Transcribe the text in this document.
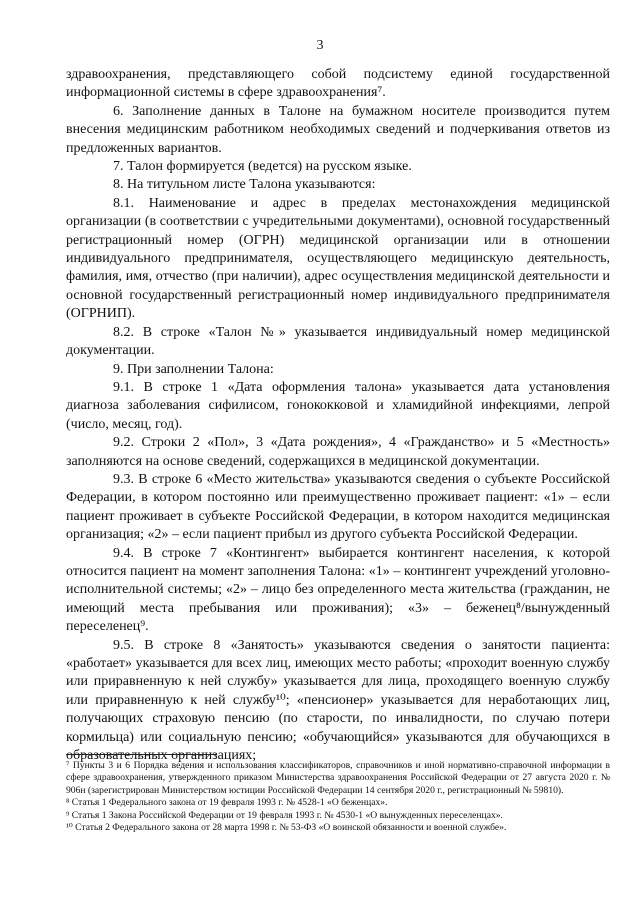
3

здравоохранения, представляющего собой подсистему единой государственной информационной системы в сфере здравоохранения⁷.

6. Заполнение данных в Талоне на бумажном носителе производится путем внесения медицинским работником необходимых сведений и подчеркивания ответов из предложенных вариантов.

7. Талон формируется (ведется) на русском языке.

8. На титульном листе Талона указываются:

8.1. Наименование и адрес в пределах местонахождения медицинской организации (в соответствии с учредительными документами), основной государственный регистрационный номер (ОГРН) медицинской организации или в отношении индивидуального предпринимателя, осуществляющего медицинскую деятельность, фамилия, имя, отчество (при наличии), адрес осуществления медицинской деятельности и основной государственный регистрационный номер индивидуального предпринимателя (ОГРНИП).

8.2. В строке «Талон №» указывается индивидуальный номер медицинской документации.

9. При заполнении Талона:

9.1. В строке 1 «Дата оформления талона» указывается дата установления диагноза заболевания сифилисом, гонококковой и хламидийной инфекциями, лепрой (число, месяц, год).

9.2. Строки 2 «Пол», 3 «Дата рождения», 4 «Гражданство» и 5 «Местность» заполняются на основе сведений, содержащихся в медицинской документации.

9.3. В строке 6 «Место жительства» указываются сведения о субъекте Российской Федерации, в котором постоянно или преимущественно проживает пациент: «1» – если пациент проживает в субъекте Российской Федерации, в котором находится медицинская организация; «2» – если пациент прибыл из другого субъекта Российской Федерации.

9.4. В строке 7 «Контингент» выбирается контингент населения, к которой относится пациент на момент заполнения Талона: «1» – контингент учреждений уголовно-исполнительной системы; «2» – лицо без определенного места жительства (гражданин, не имеющий места пребывания или проживания); «3» – беженец⁸/вынужденный переселенец⁹.

9.5. В строке 8 «Занятость» указываются сведения о занятости пациента: «работает» указывается для всех лиц, имеющих место работы; «проходит военную службу или приравненную к ней службу» указывается для лица, проходящего военную службу или приравненную к ней службу¹⁰; «пенсионер» указывается для неработающих лиц, получающих страховую пенсию (по старости, по инвалидности, по случаю потери кормильца) или социальную пенсию; «обучающийся» указываются для обучающихся в образовательных организациях;

⁷ Пункты 3 и 6 Порядка ведения и использования классификаторов, справочников и иной нормативно-справочной информации в сфере здравоохранения, утвержденного приказом Министерства здравоохранения Российской Федерации от 27 августа 2020 г. № 906н (зарегистрирован Министерством юстиции Российской Федерации 14 сентября 2020 г., регистрационный № 59810).

⁸ Статья 1 Федерального закона от 19 февраля 1993 г. № 4528-1 «О беженцах».

⁹ Статья 1 Закона Российской Федерации от 19 февраля 1993 г. № 4530-1 «О вынужденных переселенцах».

¹⁰ Статья 2 Федерального закона от 28 марта 1998 г. № 53-ФЗ «О воинской обязанности и военной службе».
